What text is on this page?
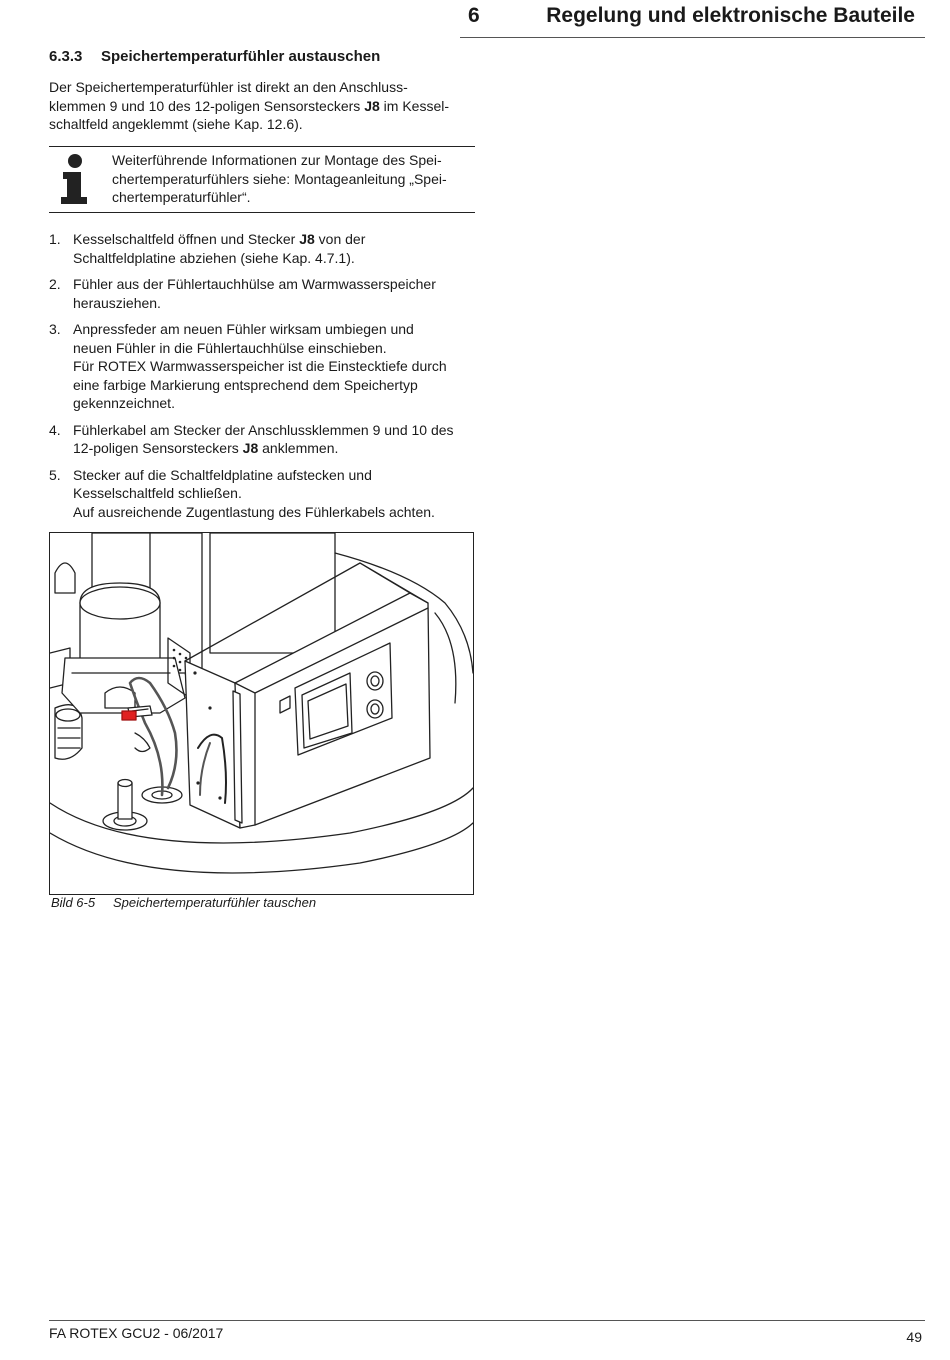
6	Regelung und elektronische Bauteile
6.3.3 Speichertemperaturfühler austauschen
Der Speichertemperaturfühler ist direkt an den Anschluss-
klemmen 9 und 10 des 12-poligen Sensorsteckers J8 im Kessel-
schaltfeld angeklemmt (siehe Kap. 12.6).
Weiterführende Informationen zur Montage des Spei-
chertemperaturfühlers siehe: Montageanleitung „Spei-
chertemperaturfühler“.
1. Kesselschaltfeld öffnen und Stecker J8 von der
Schaltfeldplatine abziehen (siehe Kap. 4.7.1).
2. Fühler aus der Fühlertauchhülse am Warmwasserspeicher
herausziehen.
3. Anpressfeder am neuen Fühler wirksam umbiegen und
neuen Fühler in die Fühlertauchhülse einschieben.
Für ROTEX Warmwasserspeicher ist die Einstecktiefe durch
eine farbige Markierung entsprechend dem Speichertyp
gekennzeichnet.
4. Fühlerkabel am Stecker der Anschlussklemmen 9 und 10 des
12-poligen Sensorsteckers J8 anklemmen.
5. Stecker auf die Schaltfeldplatine aufstecken und
Kesselschaltfeld schließen.
Auf ausreichende Zugentlastung des Fühlerkabels achten.
Bild 6-5 Speichertemperaturfühler tauschen
FA ROTEX GCU2 - 06/2017	49
